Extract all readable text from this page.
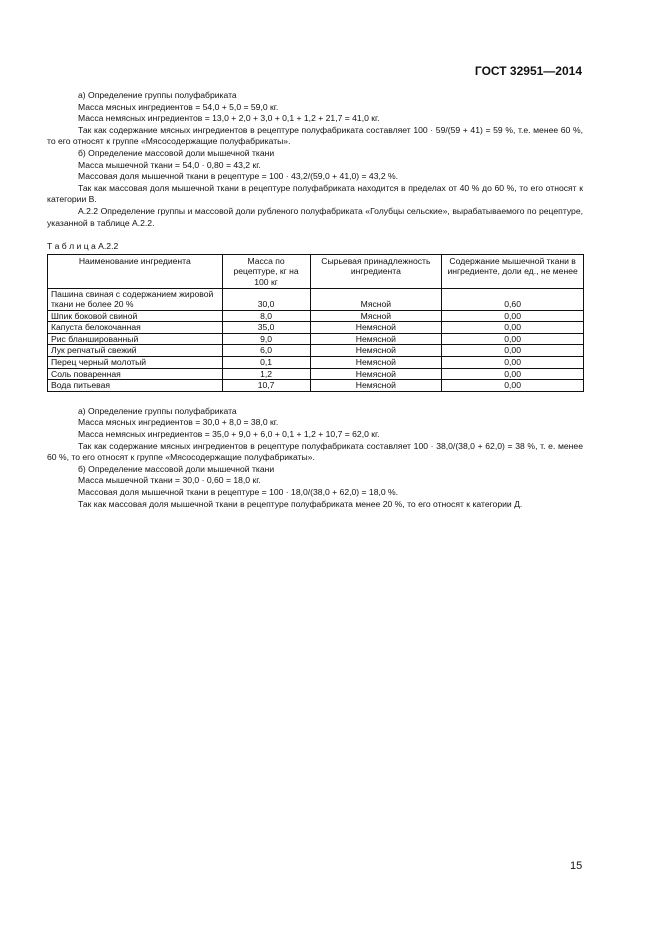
ГОСТ 32951—2014

а) Определение группы полуфабриката

Масса мясных ингредиентов = 54,0 + 5,0 = 59,0 кг.

Масса немясных ингредиентов = 13,0 + 2,0 + 3,0 + 0,1 + 1,2 + 21,7 = 41,0 кг.

Так как содержание мясных ингредиентов в рецептуре полуфабриката составляет 100 · 59/(59 + 41) = 59 %, т.е. менее 60 %, то его относят к группе «Мясосодержащие полуфабрикаты».

б) Определение массовой доли мышечной ткани

Масса мышечной ткани = 54,0 · 0,80 = 43,2 кг.

Массовая доля мышечной ткани в рецептуре = 100 · 43,2/(59,0 + 41,0) = 43,2 %.

Так как массовая доля мышечной ткани в рецептуре полуфабриката находится в пределах от 40 % до 60 %, то его относят к категории В.

А.2.2 Определение группы и массовой доли рубленого полуфабриката «Голубцы сельские», вырабатываемого по рецептуре, указанной в таблице А.2.2.

Т а б л и ц а А.2.2
Наименование ингредиента	Масса по рецептуре, кг на 100 кг	Сырьевая принадлежность ингредиента	Содержание мышечной ткани в ингредиенте, доли ед., не менее
Пашина свиная с содержанием жировой ткани не более 20 %	30,0	Мясной	0,60
Шпик боковой свиной	8,0	Мясной	0,00
Капуста белокочанная	35,0	Немясной	0,00
Рис бланшированный	9,0	Немясной	0,00
Лук репчатый свежий	6,0	Немясной	0,00
Перец черный молотый	0,1	Немясной	0,00
Соль поваренная	1,2	Немясной	0,00
Вода питьевая	10,7	Немясной	0,00

а) Определение группы полуфабриката

Масса мясных ингредиентов = 30,0 + 8,0 = 38,0 кг.

Масса немясных ингредиентов = 35,0 + 9,0 + 6,0 + 0,1 + 1,2 + 10,7 = 62,0 кг.

Так как содержание мясных ингредиентов в рецептуре полуфабриката составляет 100 · 38,0/(38,0 + 62,0) = 38 %, т. е. менее 60 %, то его относят к группе «Мясосодержащие полуфабрикаты».

б) Определение массовой доли мышечной ткани

Масса мышечной ткани = 30,0 · 0,60 = 18,0 кг.

Массовая доля мышечной ткани в рецептуре = 100 · 18,0/(38,0 + 62,0) = 18,0 %.

Так как массовая доля мышечной ткани в рецептуре полуфабриката менее 20 %, то его относят к категории Д.

15
